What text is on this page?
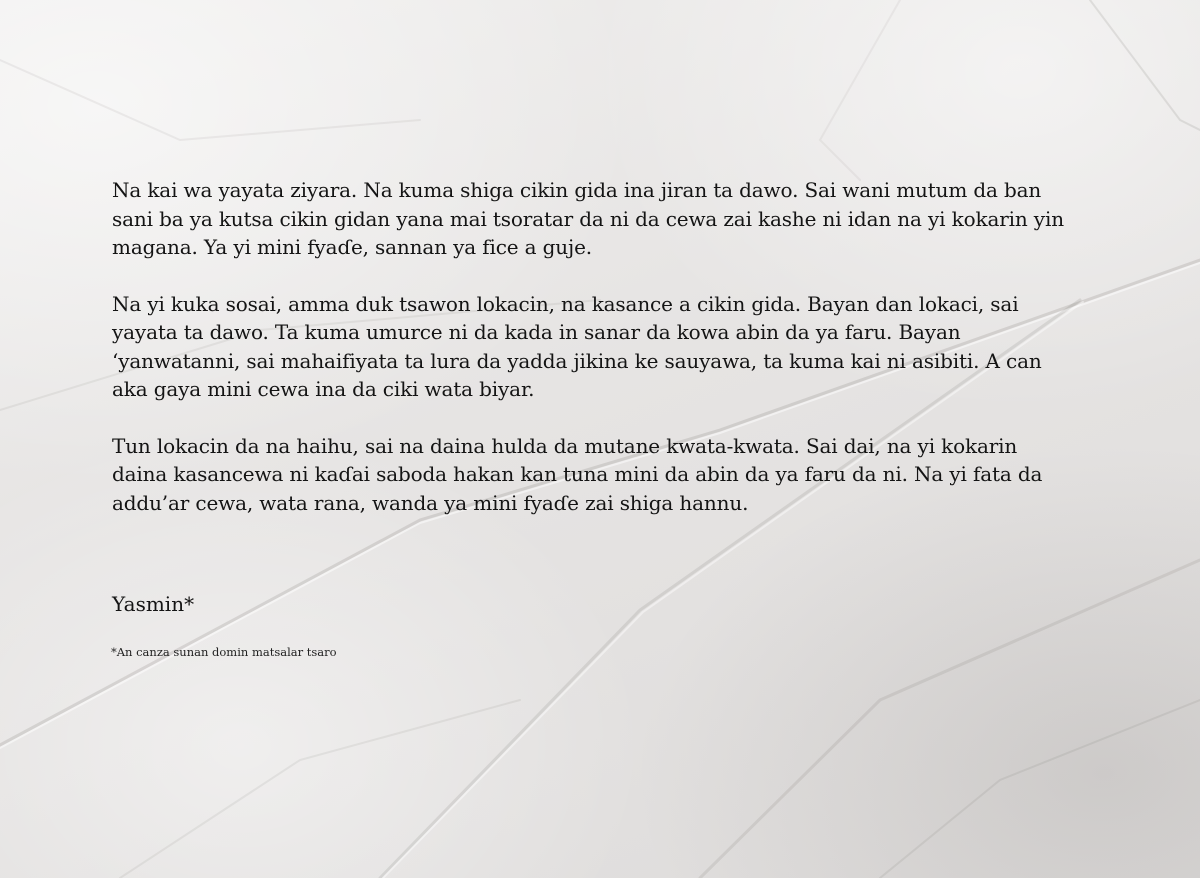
Na kai wa yayata ziyara. Na kuma shiga cikin gida ina jiran ta dawo. Sai wani mutum da ban sani ba ya kutsa cikin gidan yana mai tsoratar da ni da cewa zai kashe ni idan na yi kokarin yin magana. Ya yi mini fyaɗe, sannan ya fice a guje.

Na yi kuka sosai, amma duk tsawon lokacin, na kasance a cikin gida. Bayan dan lokaci, sai yayata ta dawo. Ta kuma umurce ni da kada in sanar da kowa abin da ya faru. Bayan ‘yanwatanni, sai mahaifiyata ta lura da yadda jikina ke sauyawa, ta kuma kai ni asibiti. A can aka gaya mini cewa ina da ciki wata biyar.

Tun lokacin da na haihu, sai na daina hulda da mutane kwata-kwata. Sai dai, na yi kokarin daina kasancewa ni kaɗai saboda hakan kan tuna mini da abin da ya faru da ni. Na yi fata da addu’ar cewa, wata rana, wanda ya mini fyaɗe zai shiga hannu.

Yasmin*
*An canza sunan domin matsalar tsaro
